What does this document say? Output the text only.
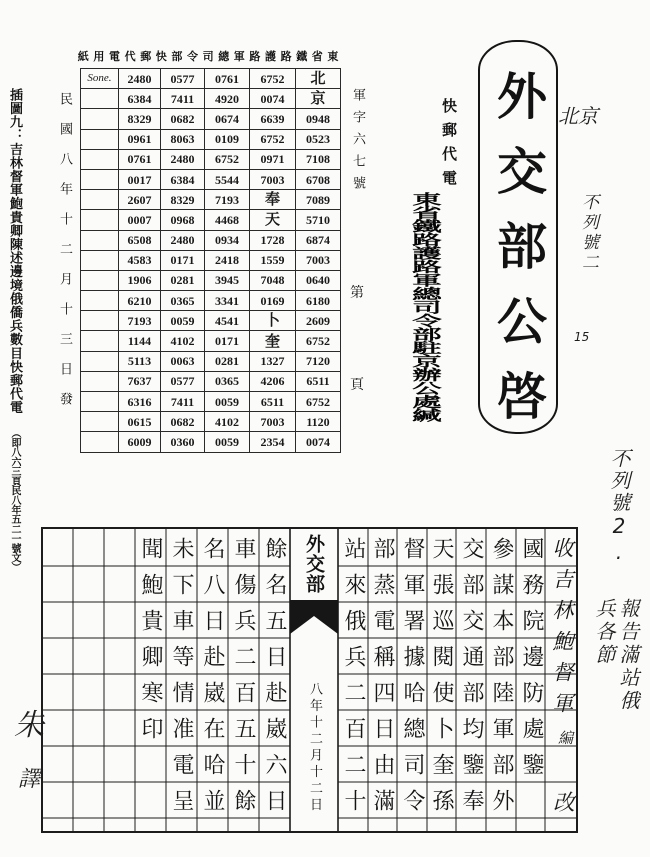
插圖九：吉林督軍鮑貴卿陳述邊境俄僑兵數目快郵代電
（即八六三頁民八年五二一號文）
民國八年十二月十三日發
東省鐵路護路軍總司令部快郵代電用紙
Sone.	2480	0577	0761	6752	北
	6384	7411	4920	0074	京
	8329	0682	0674	6639	0948
	0961	8063	0109	6752	0523
	0761	2480	6752	0971	7108
	0017	6384	5544	7003	6708
	2607	8329	7193	奉	7089
	0007	0968	4468	天	5710
	6508	2480	0934	1728	6874
	4583	0171	2418	1559	7003
	1906	0281	3945	7048	0640
	6210	0365	3341	0169	6180
	7193	0059	4541	卜	2609
	1144	4102	0171	奎	6752
	5113	0063	0281	1327	7120
	7637	0577	0365	4206	6511
	6316	7411	0059	6511	6752
	0615	0682	4102	7003	1120
	6009	0360	0059	2354	0074
軍字六七號
第
頁
快郵代電
東省鐵路護路軍總司令部駐京辦公處緘 外交部公啓 北京
不列號二
15
不列號2.
收吉林鮑督軍
國務院邊防處鑒
參謀本部陸軍部外
交部交通部均鑒奉
天張巡閱使卜奎孫
督軍署據哈總司令
部蒸電稱四日由滿
站來俄兵二百二十
餘名五日赴崴六日
車傷兵二百五十餘
名八日赴崴在哈並
未下車等情准電呈
聞鮑貴卿寒印	外交部
八年十二月十二日	編
改
報告滿站俄兵各節
朱
譯
